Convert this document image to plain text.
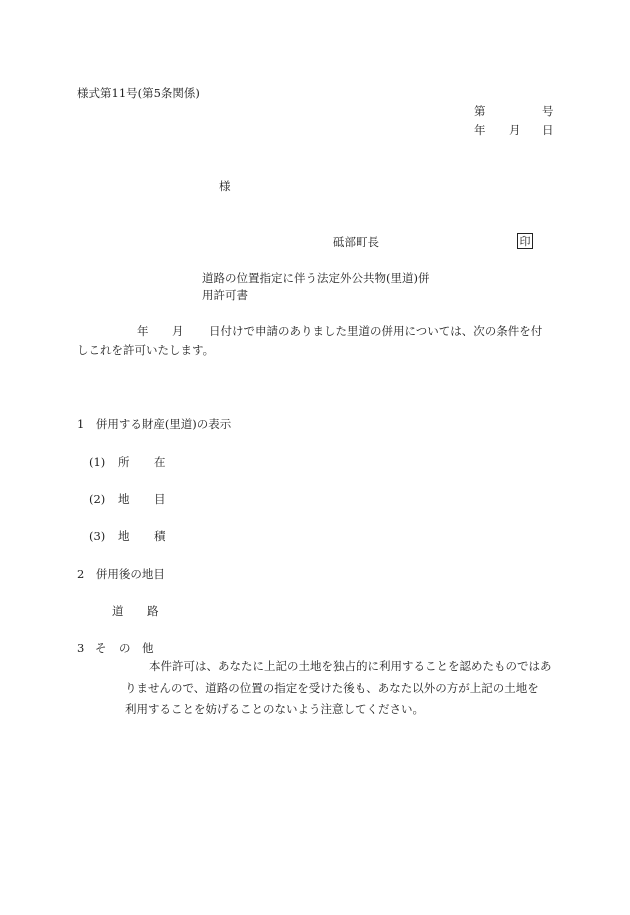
様式第11号(第5条関係)
第	号
年 月 日
様
砥部町長	印
道路の位置指定に伴う法定外公共物(里道)併
用許可書
年 月 日付けで申請のありました里道の併用については、次の条件を付
しこれを許可いたします。
1　併用する財産(里道)の表示
(1) 所 在
(2) 地 目
(3) 地 積
2　併用後の地目
道 路
3 そ の 他
本件許可は、あなたに上記の土地を独占的に利用することを認めたものではあ
りませんので、道路の位置の指定を受けた後も、あなた以外の方が上記の土地を
利用することを妨げることのないよう注意してください。
